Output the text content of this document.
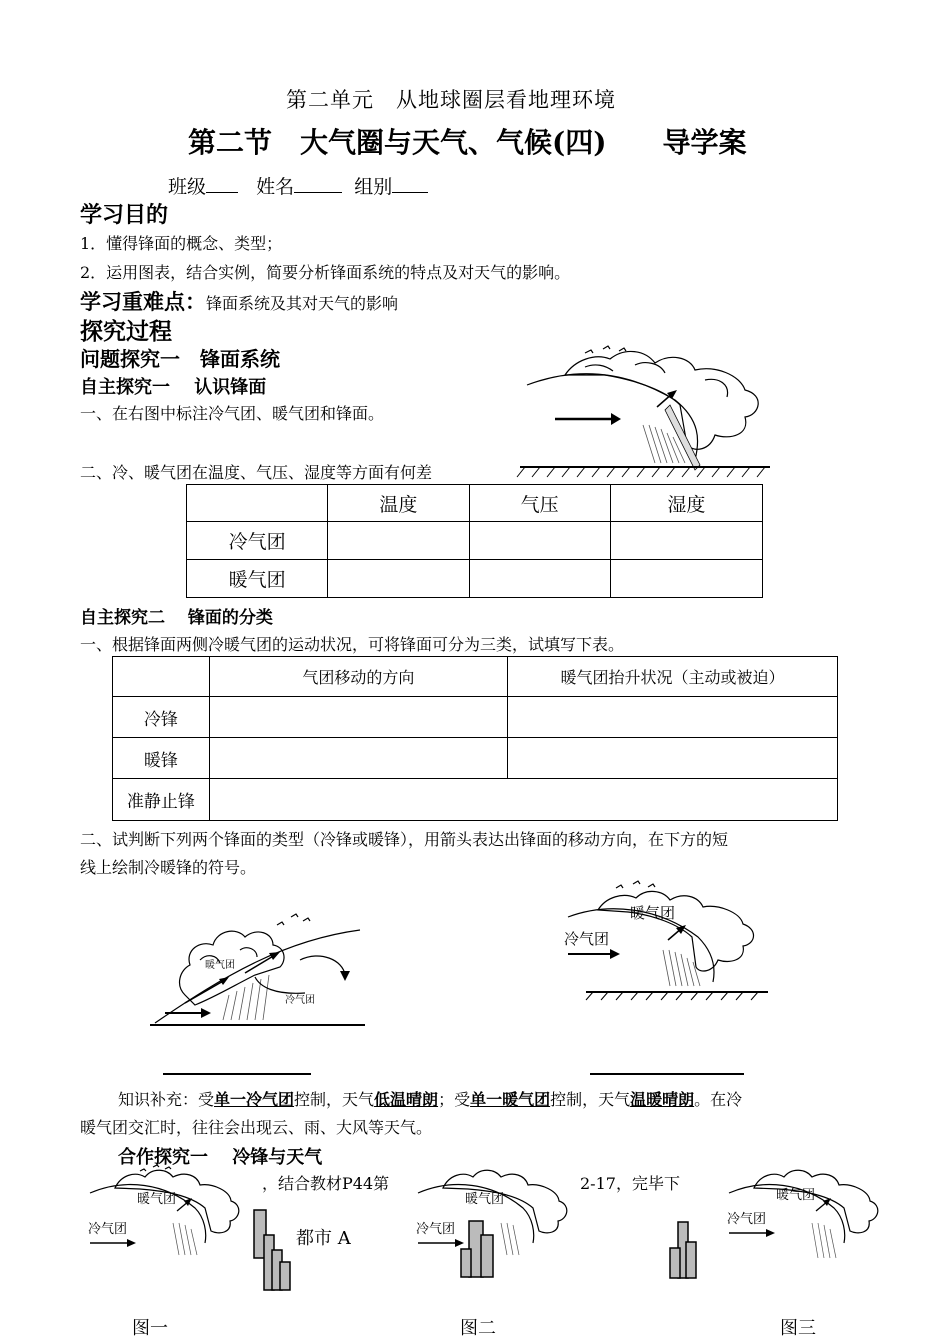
第二单元　从地球圈层看地理环境
第二节　大气圈与天气、气候(四)　　导学案
班级	姓名	组别
学习目的
1．懂得锋面的概念、类型；
2．运用图表，结合实例，简要分析锋面系统的特点及对天气的影响。
学习重难点：锋面系统及其对天气的影响
探究过程
问题探究一　锋面系统
自主探究一　 认识锋面
一、在右图中标注冷气团、暖气团和锋面。
二、冷、暖气团在温度、气压、湿度等方面有何差
	温度	气压	湿度
冷气团			
暖气团			
自主探究二　 锋面的分类
一、根据锋面两侧冷暖气团的运动状况，可将锋面可分为三类，试填写下表。
	气团移动的方向	暖气团抬升状况（主动或被迫）
冷锋		
暖锋		
准静止锋		
二、试判断下列两个锋面的类型（冷锋或暖锋），用箭头表达出锋面的移动方向，在下方的短
线上绘制冷暖锋的符号。
暖气团
冷气团
暖气团
冷气团
知识补充：受单一冷气团控制，天气低温晴朗；受单一暖气团控制，天气温暖晴朗。在冷
暖气团交汇时，往往会出现云、雨、大风等天气。
合作探究一　 冷锋与天气
，结合教材P44第	2-17，完毕下
暖气团
冷气团	都市 A
暖气团
冷气团
暖气团
冷气团
图一	图二	图三
